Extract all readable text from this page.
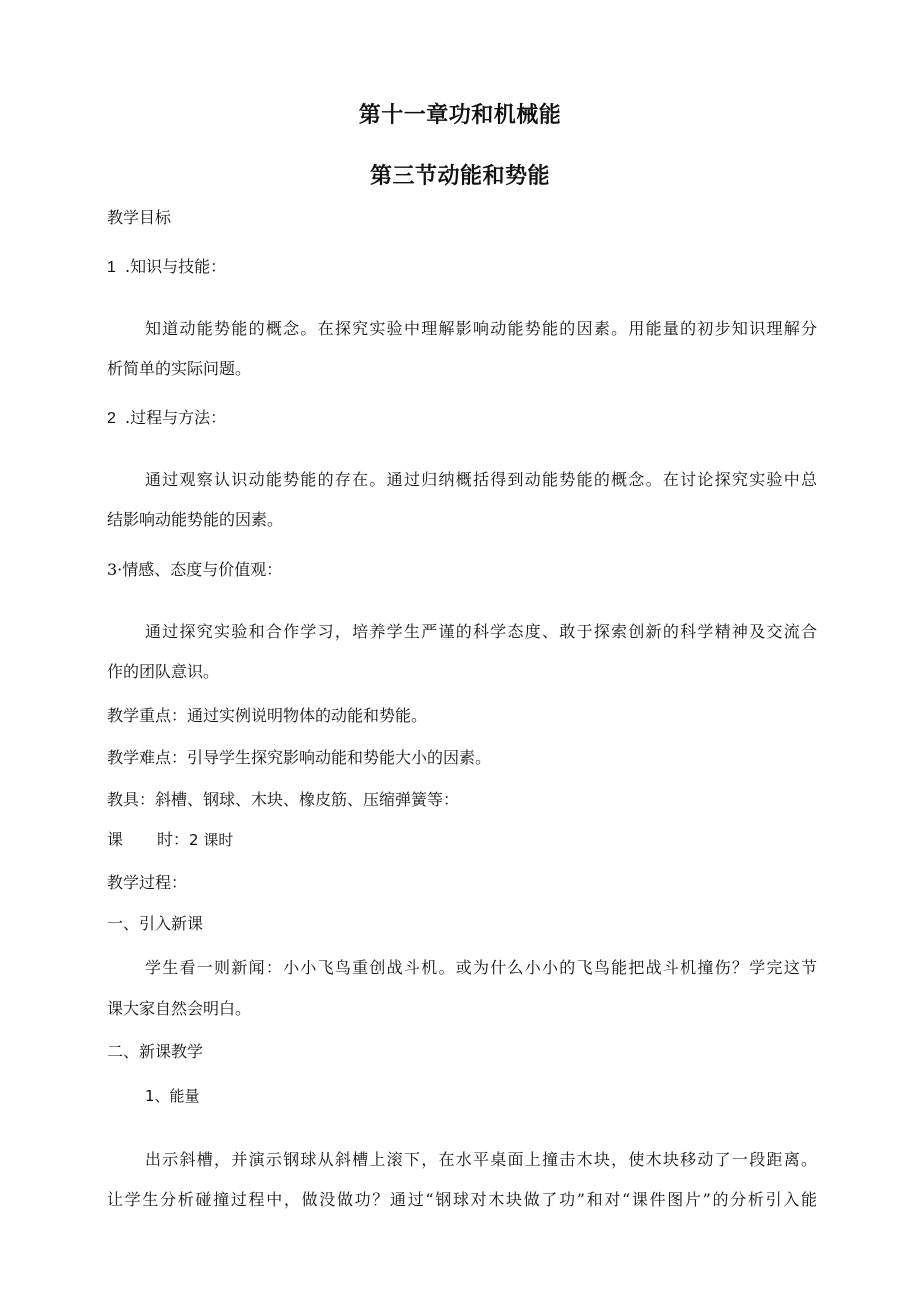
第十一章功和机械能
第三节动能和势能

教学目标

1 .知识与技能：

知道动能势能的概念。在探究实验中理解影响动能势能的因素。用能量的初步知识理解分

析简单的实际问题。

2 .过程与方法：

通过观察认识动能势能的存在。通过归纳概括得到动能势能的概念。在讨论探究实验中总

结影响动能势能的因素。

3·情感、态度与价值观：

通过探究实验和合作学习，培养学生严谨的科学态度、敢于探索创新的科学精神及交流合

作的团队意识。

教学重点：通过实例说明物体的动能和势能。

教学难点：引导学生探究影响动能和势能大小的因素。

教具：斜槽、钢球、木块、橡皮筋、压缩弹簧等：

课 时：2 课时

教学过程：

一、引入新课

学生看一则新闻：小小飞鸟重创战斗机。或为什么小小的飞鸟能把战斗机撞伤？学完这节

课大家自然会明白。

二、新课教学

1、能量

出示斜槽，并演示钢球从斜槽上滚下，在水平桌面上撞击木块，使木块移动了一段距离。

让学生分析碰撞过程中，做没做功？通过“钢球对木块做了功”和对“课件图片”的分析引入能
